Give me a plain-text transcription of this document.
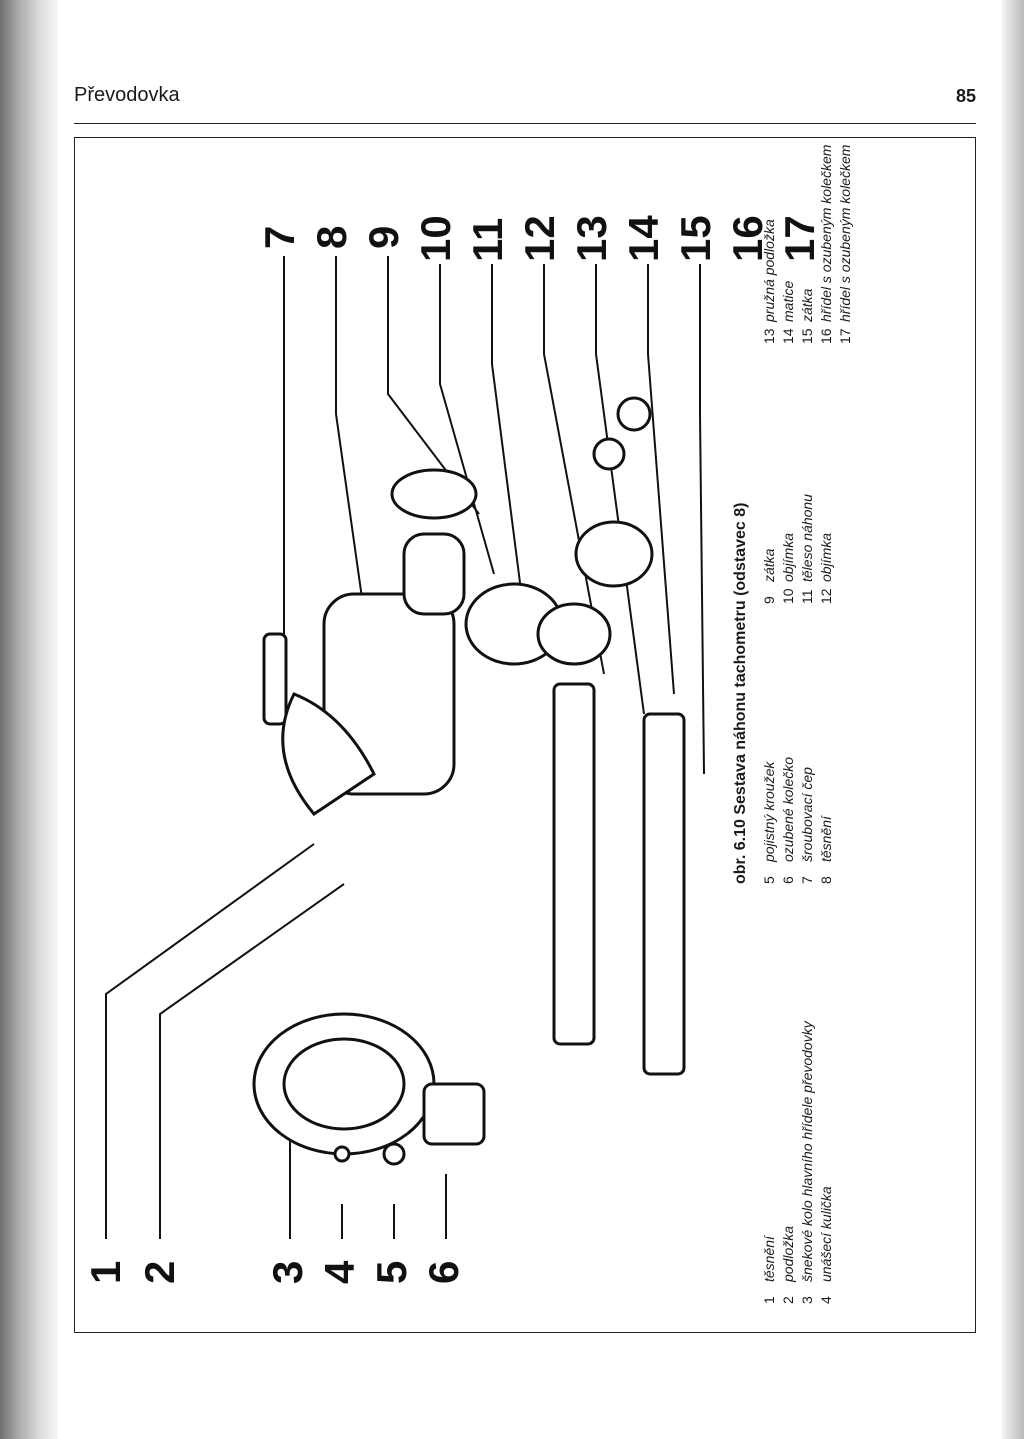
Převodovka	85
1 2 3 4 5 6
7 8 9 10 11 12 13 14 15 16 17
obr. 6.10 Sestava náhonu tachometru (odstavec 8)
1těsnění
2podložka
3šnekové kolo hlavního hřídele převodovky
4unášecí kulička
5pojistný kroužek
6ozubené kolečko
7šroubovací čep
8těsnění
9zátka
10objímka
11těleso náhonu
12objímka
13pružná podložka
14matice
15zátka
16hřídel s ozubeným kolečkem
17hřídel s ozubeným kolečkem
